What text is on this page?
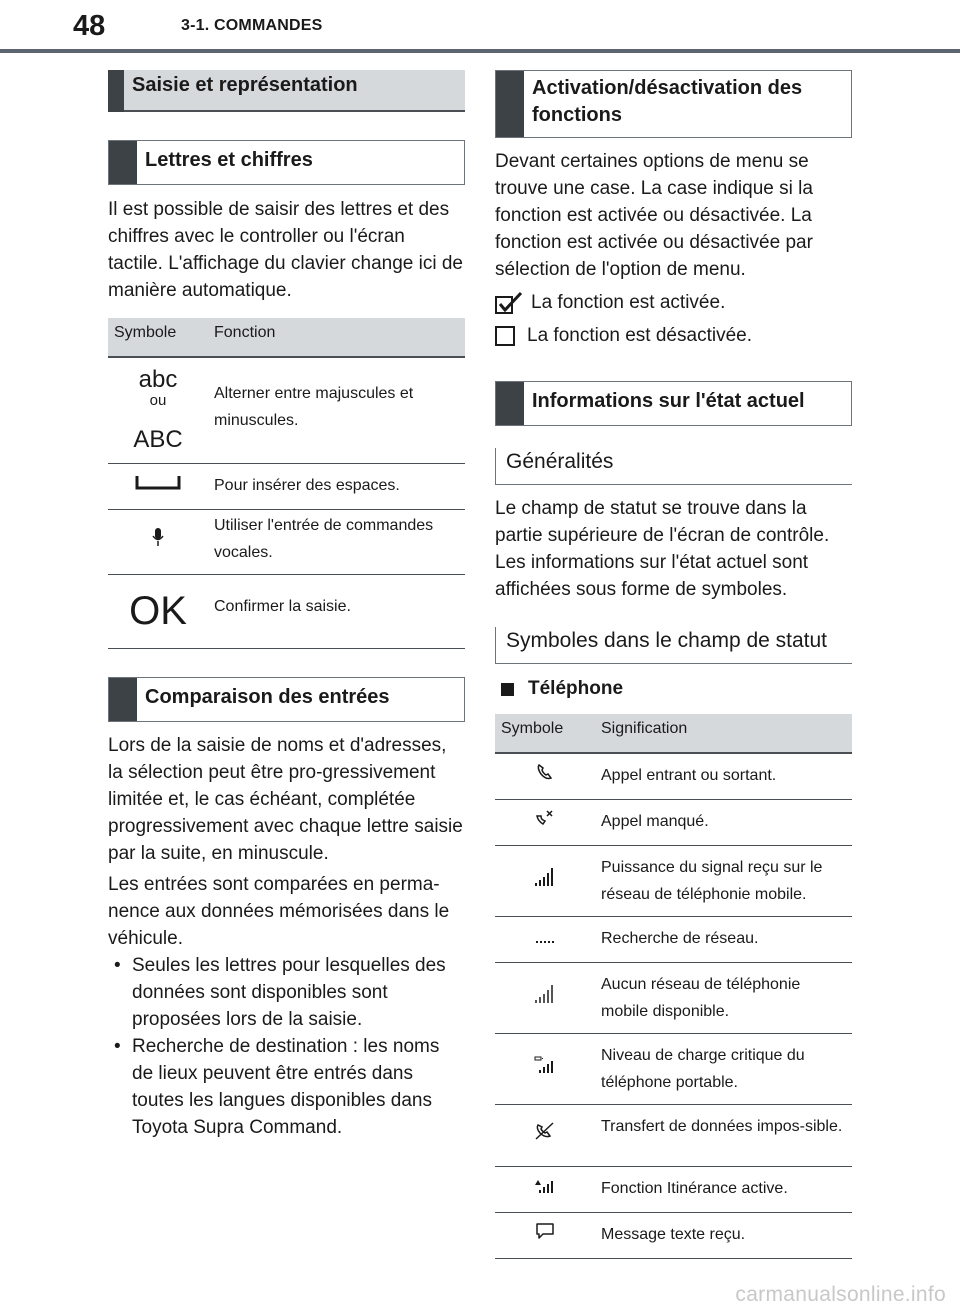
48	3-1. COMMANDES
Saisie et représentation
Lettres et chiffres

Il est possible de saisir des lettres et des chiffres avec le controller ou l'écran tactile. L'affichage du clavier change ici de manière automatique.

Symbole	Fonction

abc
ou
ABC	Alterner entre majuscules et minuscules.
	Pour insérer des espaces.
	Utiliser l'entrée de commandes vocales.

OK	Confirmer la saisie.
Comparaison des entrées

Lors de la saisie de noms et d'adresses, la sélection peut être pro-gressivement limitée et, le cas échéant, complétée progressivement avec chaque lettre saisie par la suite, en minuscule.

Les entrées sont comparées en perma-nence aux données mémorisées dans le véhicule.

• Seules les lettres pour lesquelles des données sont disponibles sont proposées lors de la saisie.

• Recherche de destination : les noms de lieux peuvent être entrés dans toutes les langues disponibles dans Toyota Supra Command.

Activation/désactivation des fonctions

Devant certaines options de menu se trouve une case. La case indique si la fonction est activée ou désactivée. La fonction est activée ou désactivée par sélection de l'option de menu.

La fonction est activée.
La fonction est désactivée.
Informations sur l'état actuel
Généralités

Le champ de statut se trouve dans la partie supérieure de l'écran de contrôle. Les informations sur l'état actuel sont affichées sous forme de symboles.

Symboles dans le champ de statut
Téléphone
Symbole	Signification
	Appel entrant ou sortant.
	Appel manqué.
	Puissance du signal reçu sur le réseau de téléphonie mobile.
	Recherche de réseau.
	Aucun réseau de téléphonie mobile disponible.
	Niveau de charge critique du téléphone portable.
	Transfert de données impos-sible.
	Fonction Itinérance active.
	Message texte reçu.
carmanualsonline.info
